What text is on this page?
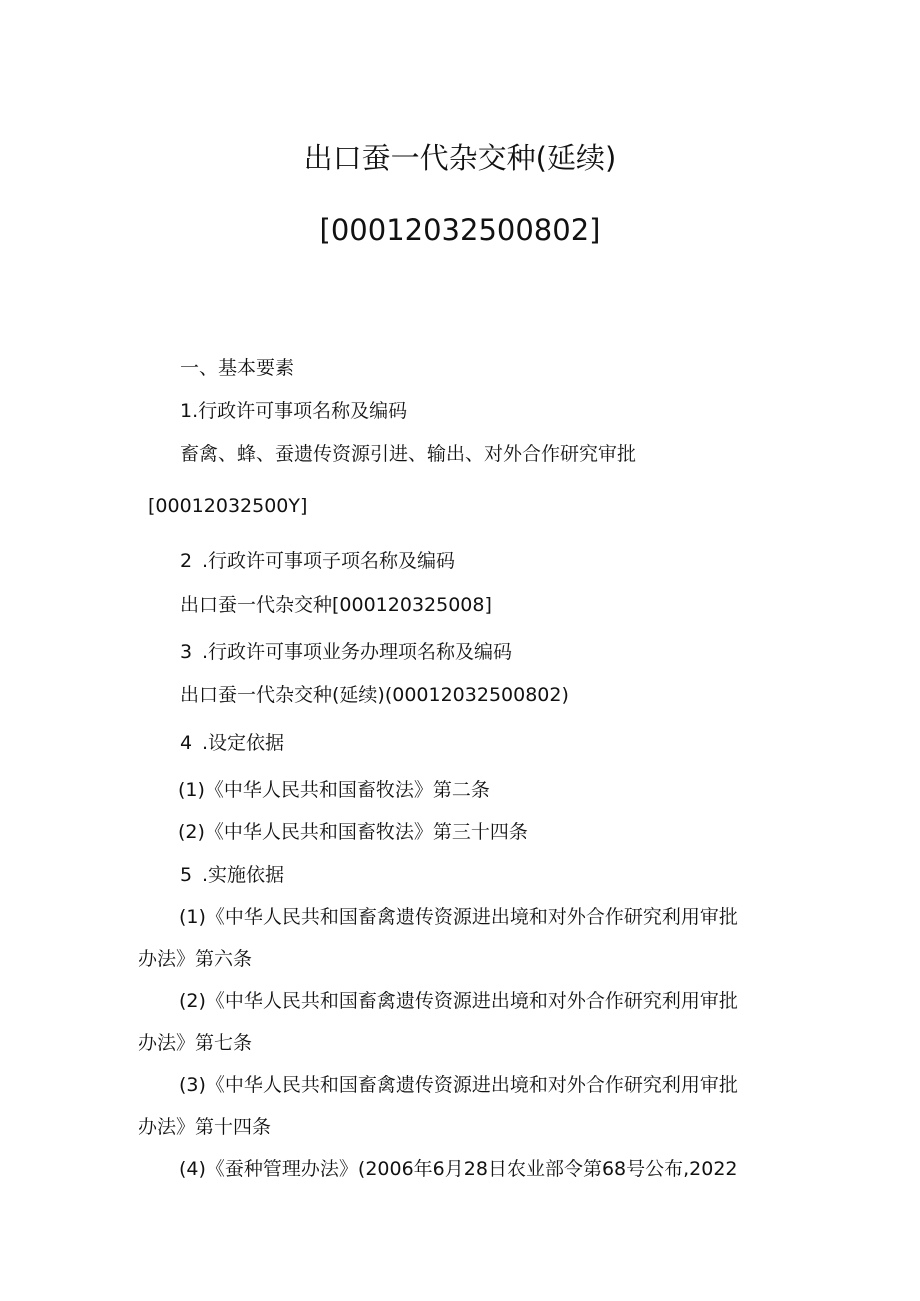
出口蚕一代杂交种(延续)
[00012032500802]
一、基本要素
1.行政许可事项名称及编码
畜禽、蜂、蚕遗传资源引进、输出、对外合作研究审批
[00012032500Y]
2 .行政许可事项子项名称及编码
出口蚕一代杂交种[000120325008]
3 .行政许可事项业务办理项名称及编码
出口蚕一代杂交种(延续)(00012032500802)
4 .设定依据
(1)《中华人民共和国畜牧法》第二条
(2)《中华人民共和国畜牧法》第三十四条
5 .实施依据
(1)《中华人民共和国畜禽遗传资源进出境和对外合作研究利用审批
办法》第六条
(2)《中华人民共和国畜禽遗传资源进出境和对外合作研究利用审批
办法》第七条
(3)《中华人民共和国畜禽遗传资源进出境和对外合作研究利用审批
办法》第十四条
(4)《蚕种管理办法》(2006年6月28日农业部令第68号公布,2022
